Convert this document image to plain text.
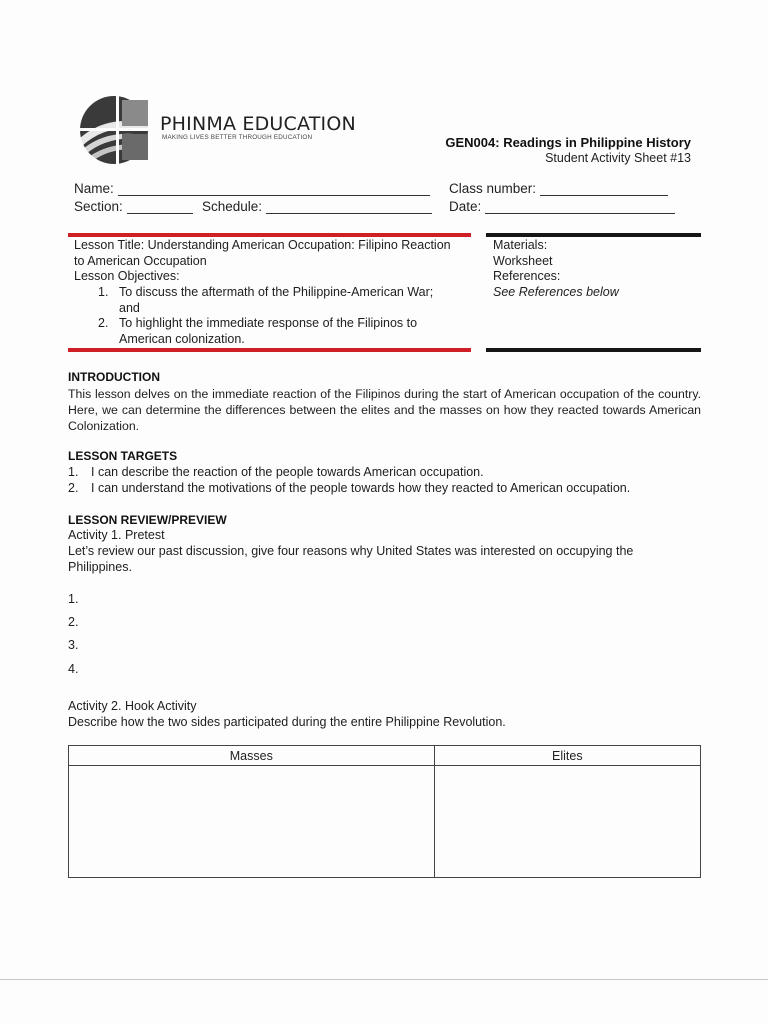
PHINMA EDUCATION
MAKING LIVES BETTER THROUGH EDUCATION	GEN004: Readings in Philippine History
Student Activity Sheet #13
Name:	Class number:
Section:	Schedule:	Date:
Lesson Title: Understanding American Occupation: Filipino Reaction
to American Occupation
Lesson Objectives:
1. To discuss the aftermath of the Philippine-American War;
and
2. To highlight the immediate response of the Filipinos to
American colonization.
Materials:
Worksheet
References:
See References below
INTRODUCTION
This lesson delves on the immediate reaction of the Filipinos during the start of American occupation of the country. Here, we can determine the differences between the elites and the masses on how they reacted towards American Colonization.
LESSON TARGETS
1. I can describe the reaction of the people towards American occupation.
2. I can understand the motivations of the people towards how they reacted to American occupation.
LESSON REVIEW/PREVIEW
Activity 1. Pretest
Let’s review our past discussion, give four reasons why United States was interested on occupying the Philippines.
1.
2.
3.
4.
Activity 2. Hook Activity
Describe how the two sides participated during the entire Philippine Revolution.
Masses	Elites
